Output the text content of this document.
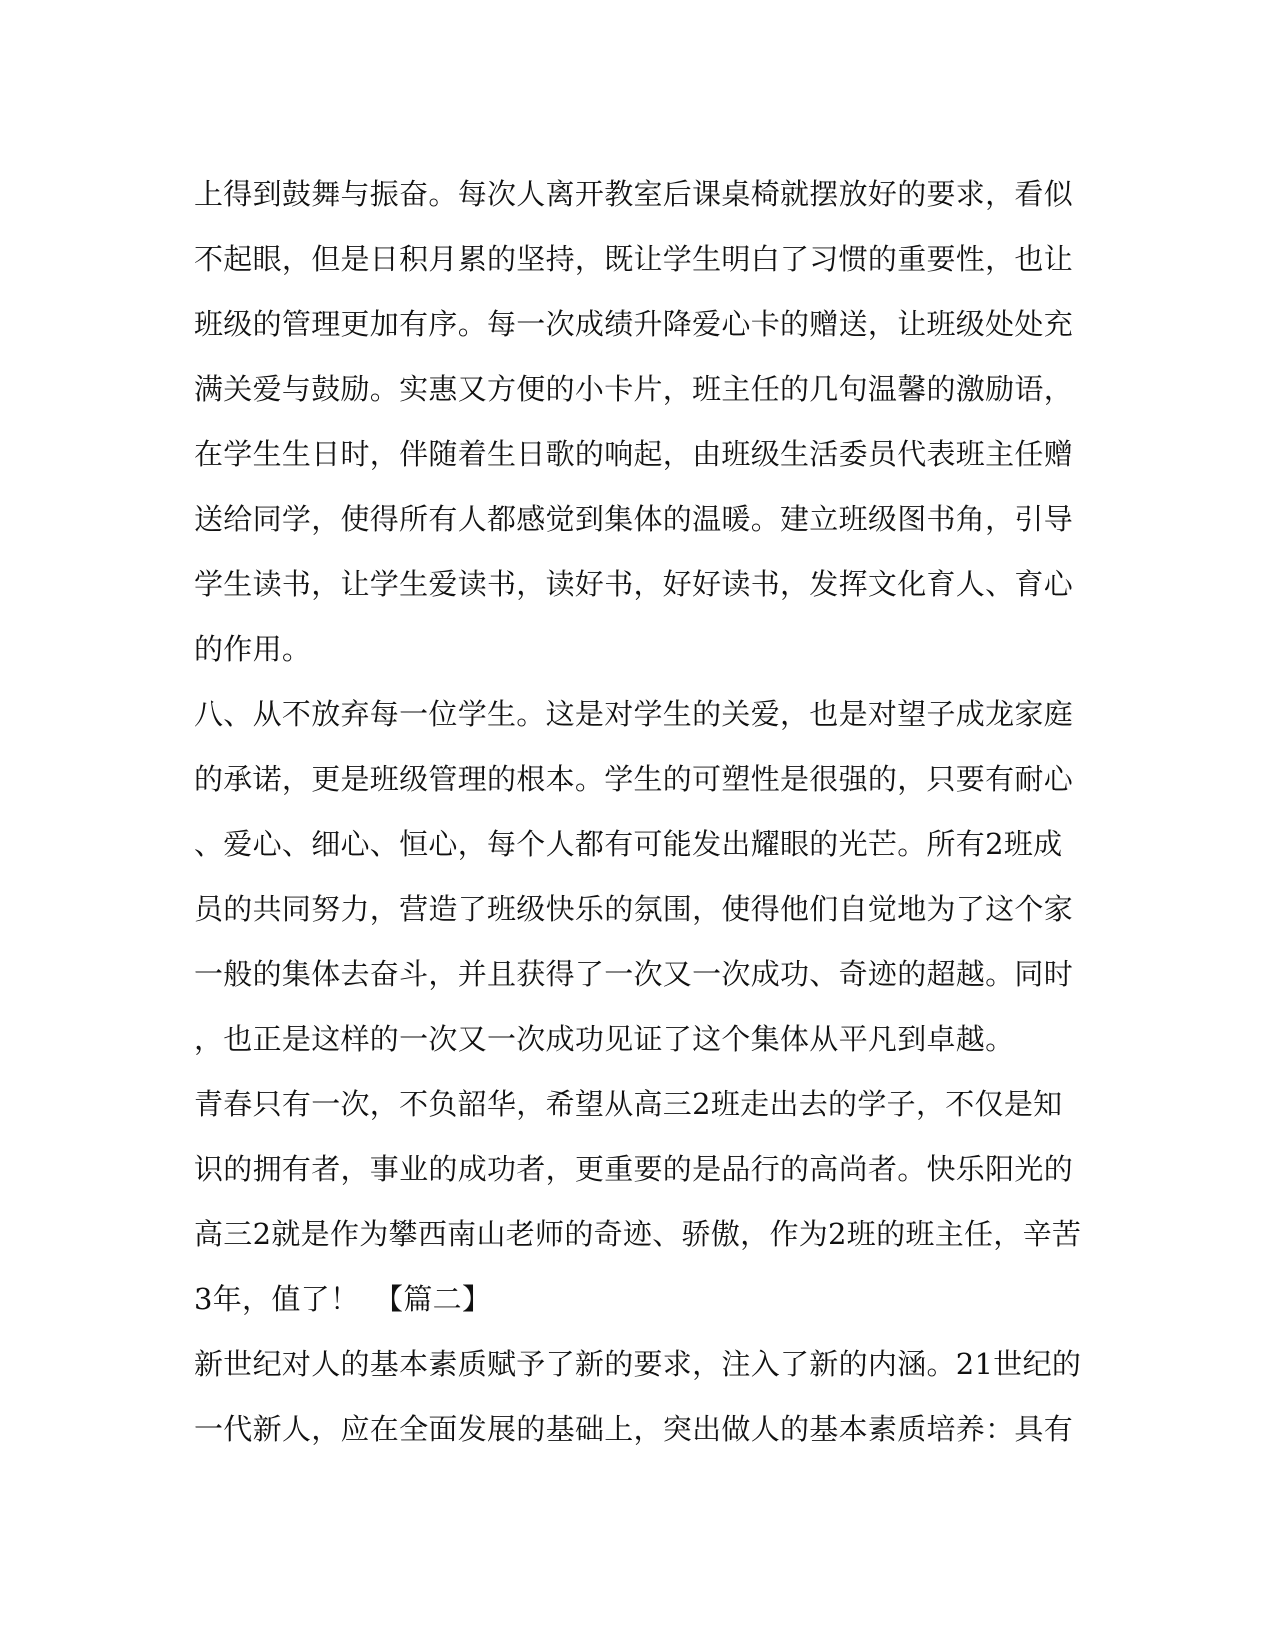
上得到鼓舞与振奋。每次人离开教室后课桌椅就摆放好的要求，看似
不起眼，但是日积月累的坚持，既让学生明白了习惯的重要性，也让
班级的管理更加有序。每一次成绩升降爱心卡的赠送，让班级处处充
满关爱与鼓励。实惠又方便的小卡片，班主任的几句温馨的激励语，
在学生生日时，伴随着生日歌的响起，由班级生活委员代表班主任赠
送给同学，使得所有人都感觉到集体的温暖。建立班级图书角，引导
学生读书，让学生爱读书，读好书，好好读书，发挥文化育人、育心
的作用。
八、从不放弃每一位学生。这是对学生的关爱，也是对望子成龙家庭
的承诺，更是班级管理的根本。学生的可塑性是很强的，只要有耐心
、爱心、细心、恒心，每个人都有可能发出耀眼的光芒。所有2班成
员的共同努力，营造了班级快乐的氛围，使得他们自觉地为了这个家
一般的集体去奋斗，并且获得了一次又一次成功、奇迹的超越。同时
，也正是这样的一次又一次成功见证了这个集体从平凡到卓越。
青春只有一次，不负韶华，希望从高三2班走出去的学子，不仅是知
识的拥有者，事业的成功者，更重要的是品行的高尚者。快乐阳光的
高三2就是作为攀西南山老师的奇迹、骄傲，作为2班的班主任，辛苦
3年，值了！　【篇二】
新世纪对人的基本素质赋予了新的要求，注入了新的内涵。21世纪的
一代新人，应在全面发展的基础上，突出做人的基本素质培养：具有
